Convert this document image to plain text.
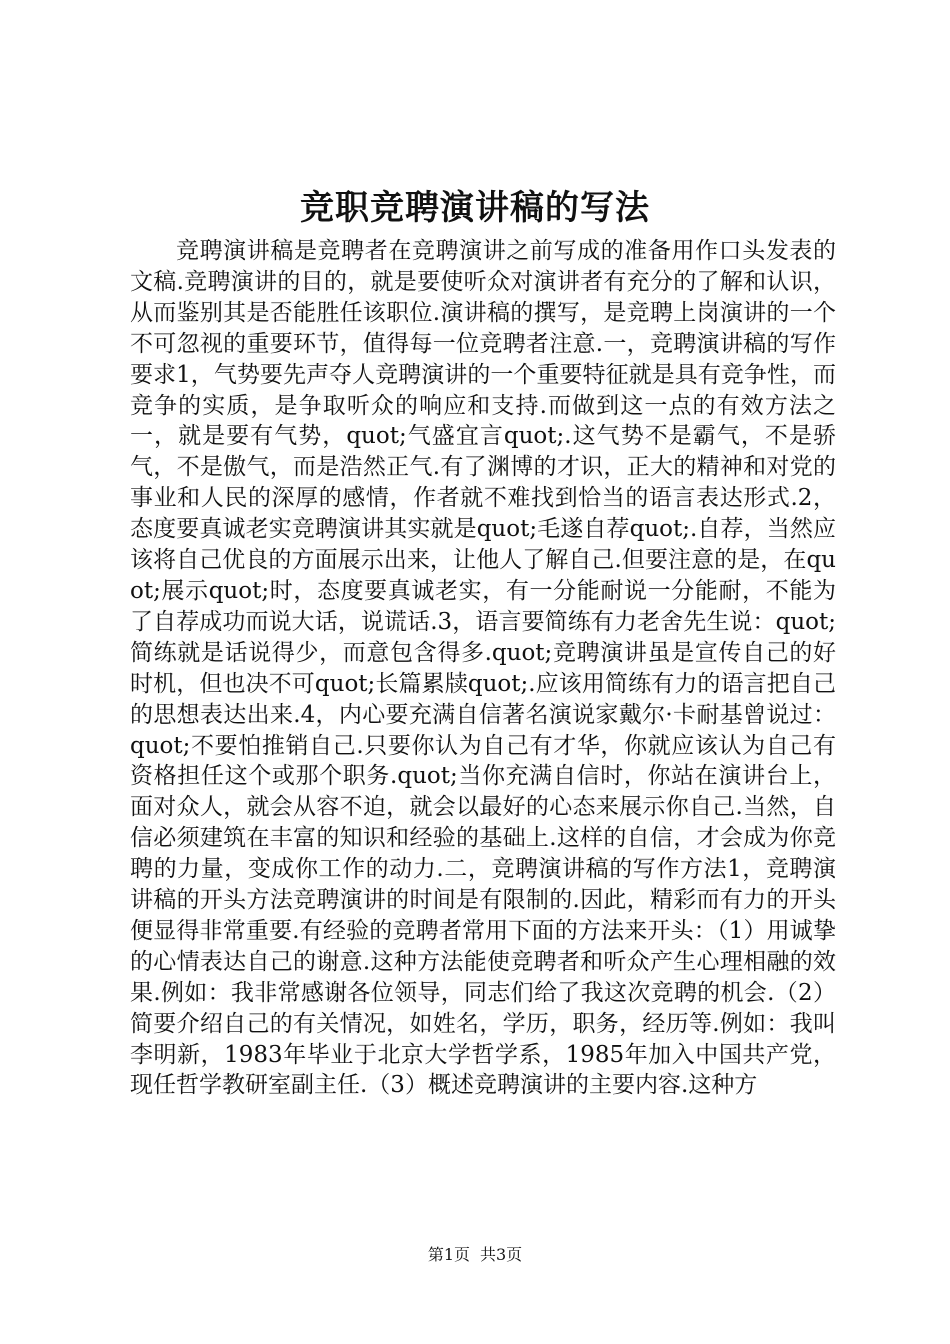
竞职竞聘演讲稿的写法

竞聘演讲稿是竞聘者在竞聘演讲之前写成的准备用作口头发表的文稿.竞聘演讲的目的，就是要使听众对演讲者有充分的了解和认识，从而鉴别其是否能胜任该职位.演讲稿的撰写，是竞聘上岗演讲的一个不可忽视的重要环节，值得每一位竞聘者注意.一，竞聘演讲稿的写作要求1，气势要先声夺人竞聘演讲的一个重要特征就是具有竞争性，而竞争的实质，是争取听众的响应和支持.而做到这一点的有效方法之一，就是要有气势，quot;气盛宜言quot;.这气势不是霸气，不是骄气，不是傲气，而是浩然正气.有了渊博的才识，正大的精神和对党的事业和人民的深厚的感情，作者就不难找到恰当的语言表达形式.2，态度要真诚老实竞聘演讲其实就是quot;毛遂自荐quot;.自荐，当然应该将自己优良的方面展示出来，让他人了解自己.但要注意的是，在quot;展示quot;时，态度要真诚老实，有一分能耐说一分能耐，不能为了自荐成功而说大话，说谎话.3，语言要简练有力老舍先生说：quot;简练就是话说得少，而意包含得多.quot;竞聘演讲虽是宣传自己的好时机，但也决不可quot;长篇累牍quot;.应该用简练有力的语言把自己的思想表达出来.4，内心要充满自信著名演说家戴尔·卡耐基曾说过：quot;不要怕推销自己.只要你认为自己有才华，你就应该认为自己有资格担任这个或那个职务.quot;当你充满自信时，你站在演讲台上，面对众人，就会从容不迫，就会以最好的心态来展示你自己.当然，自信必须建筑在丰富的知识和经验的基础上.这样的自信，才会成为你竞聘的力量，变成你工作的动力.二，竞聘演讲稿的写作方法1，竞聘演讲稿的开头方法竞聘演讲的时间是有限制的.因此，精彩而有力的开头便显得非常重要.有经验的竞聘者常用下面的方法来开头：（1）用诚挚的心情表达自己的谢意.这种方法能使竞聘者和听众产生心理相融的效果.例如：我非常感谢各位领导，同志们给了我这次竞聘的机会.（2）简要介绍自己的有关情况，如姓名，学历，职务，经历等.例如：我叫李明新，1983年毕业于北京大学哲学系，1985年加入中国共产党，现任哲学教研室副主任.（3）概述竞聘演讲的主要内容.这种方

第1页 共3页
